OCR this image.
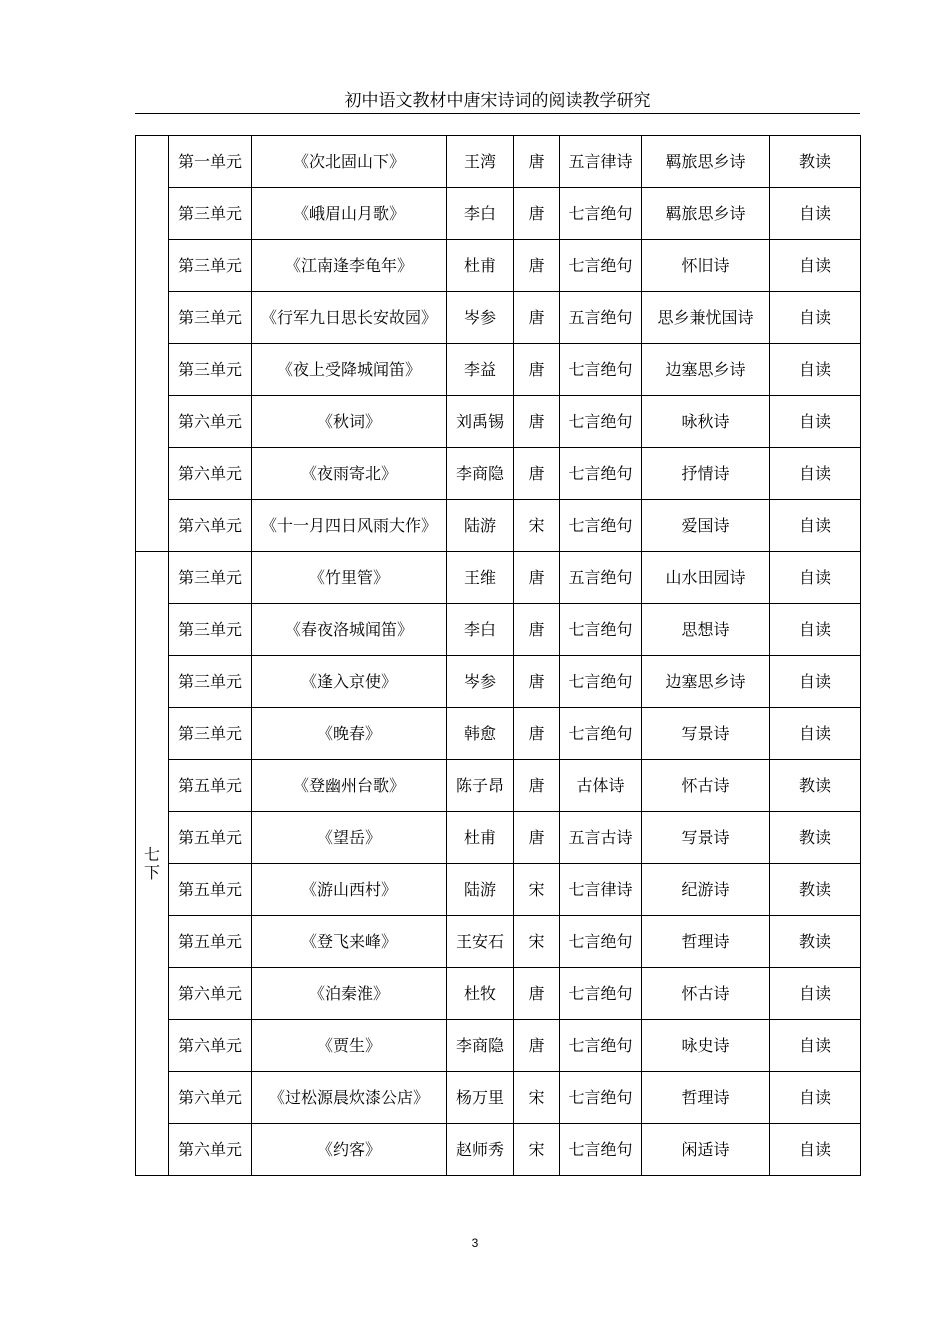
初中语文教材中唐宋诗词的阅读教学研究
	第一单元	《次北固山下》	王湾	唐	五言律诗	羁旅思乡诗	教读
	第三单元	《峨眉山月歌》	李白	唐	七言绝句	羁旅思乡诗	自读
	第三单元	《江南逢李龟年》	杜甫	唐	七言绝句	怀旧诗	自读
	第三单元	《行军九日思长安故园》	岑参	唐	五言绝句	思乡兼忧国诗	自读
	第三单元	《夜上受降城闻笛》	李益	唐	七言绝句	边塞思乡诗	自读
	第六单元	《秋词》	刘禹锡	唐	七言绝句	咏秋诗	自读
	第六单元	《夜雨寄北》	李商隐	唐	七言绝句	抒情诗	自读
	第六单元	《十一月四日风雨大作》	陆游	宋	七言绝句	爱国诗	自读
七下	第三单元	《竹里管》	王维	唐	五言绝句	山水田园诗	自读
	第三单元	《春夜洛城闻笛》	李白	唐	七言绝句	思想诗	自读
	第三单元	《逢入京使》	岑参	唐	七言绝句	边塞思乡诗	自读
	第三单元	《晚春》	韩愈	唐	七言绝句	写景诗	自读
	第五单元	《登幽州台歌》	陈子昂	唐	古体诗	怀古诗	教读
	第五单元	《望岳》	杜甫	唐	五言古诗	写景诗	教读
	第五单元	《游山西村》	陆游	宋	七言律诗	纪游诗	教读
	第五单元	《登飞来峰》	王安石	宋	七言绝句	哲理诗	教读
	第六单元	《泊秦淮》	杜牧	唐	七言绝句	怀古诗	自读
	第六单元	《贾生》	李商隐	唐	七言绝句	咏史诗	自读
	第六单元	《过松源晨炊漆公店》	杨万里	宋	七言绝句	哲理诗	自读
	第六单元	《约客》	赵师秀	宋	七言绝句	闲适诗	自读
3
